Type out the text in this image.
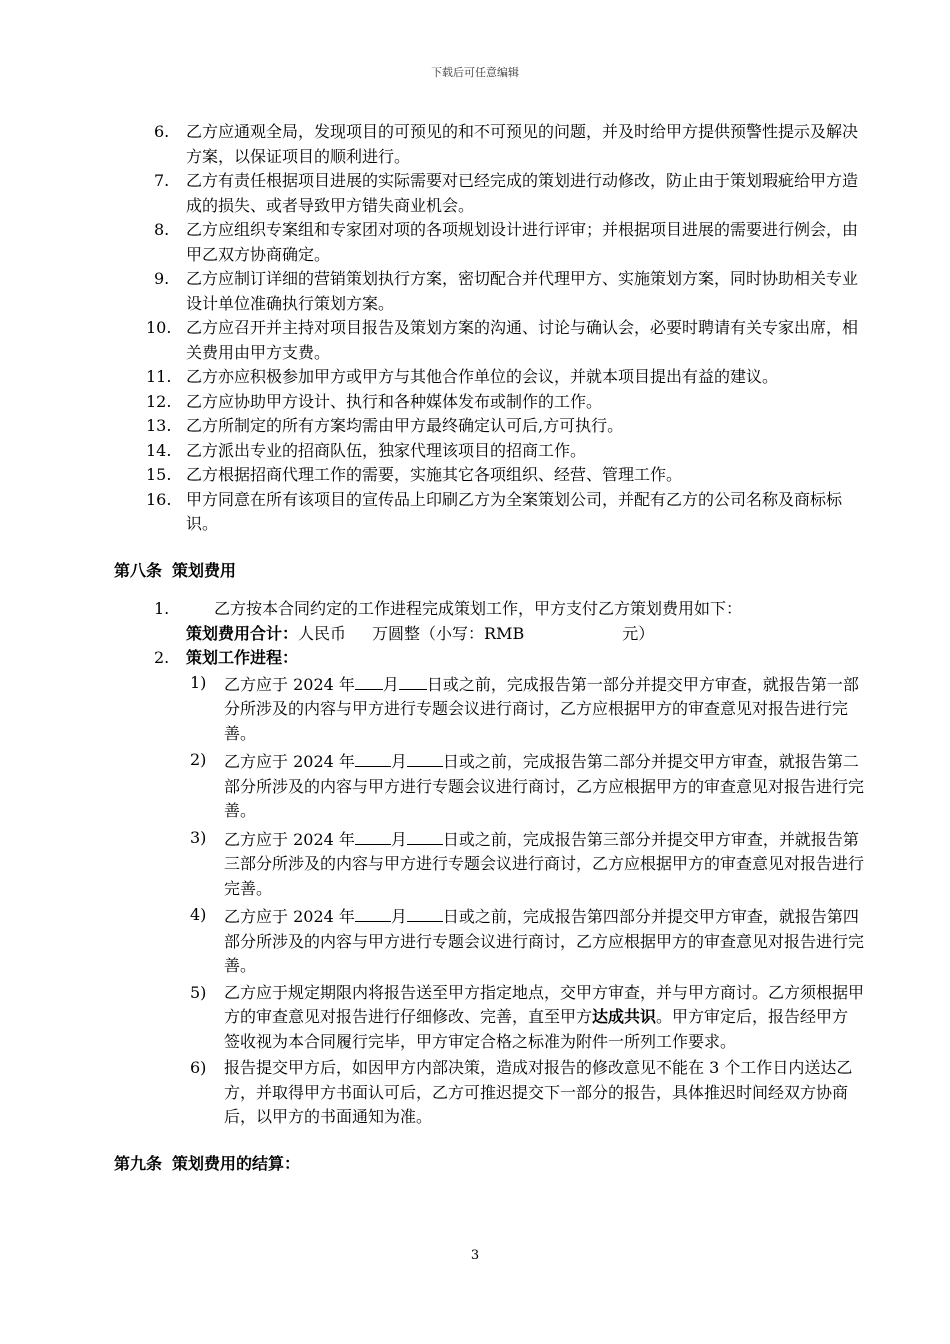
下载后可任意编辑
6. 乙方应通观全局，发现项目的可预见的和不可预见的问题，并及时给甲方提供预警性提示及解决方案，以保证项目的顺利进行。
7. 乙方有责任根据项目进展的实际需要对已经完成的策划进行动修改，防止由于策划瑕疵给甲方造成的损失、或者导致甲方错失商业机会。
8. 乙方应组织专案组和专家团对项的各项规划设计进行评审；并根据项目进展的需要进行例会，由甲乙双方协商确定。
9. 乙方应制订详细的营销策划执行方案，密切配合并代理甲方、实施策划方案，同时协助相关专业设计单位准确执行策划方案。
10. 乙方应召开并主持对项目报告及策划方案的沟通、讨论与确认会，必要时聘请有关专家出席，相关费用由甲方支费。
11. 乙方亦应积极参加甲方或甲方与其他合作单位的会议，并就本项目提出有益的建议。
12. 乙方应协助甲方设计、执行和各种媒体发布或制作的工作。
13. 乙方所制定的所有方案均需由甲方最终确定认可后,方可执行。
14. 乙方派出专业的招商队伍，独家代理该项目的招商工作。
15. 乙方根据招商代理工作的需要，实施其它各项组织、经营、管理工作。
16. 甲方同意在所有该项目的宣传品上印刷乙方为全案策划公司，并配有乙方的公司名称及商标标识。
第八条 策划费用
1.	乙方按本合同约定的工作进程完成策划工作，甲方支付乙方策划费用如下：
策划费用合计：人民币 万圆整（小写：RMB	元）
2. 策划工作进程：
1) 乙方应于 2024 年 月 日或之前，完成报告第一部分并提交甲方审查，就报告第一部分所涉及的内容与甲方进行专题会议进行商讨，乙方应根据甲方的审查意见对报告进行完善。
2) 乙方应于 2024 年 月 日或之前，完成报告第二部分并提交甲方审查，就报告第二部分所涉及的内容与甲方进行专题会议进行商讨，乙方应根据甲方的审查意见对报告进行完善。
3) 乙方应于 2024 年 月 日或之前，完成报告第三部分并提交甲方审查，并就报告第三部分所涉及的内容与甲方进行专题会议进行商讨，乙方应根据甲方的审查意见对报告进行完善。
4) 乙方应于 2024 年 月 日或之前，完成报告第四部分并提交甲方审查，就报告第四部分所涉及的内容与甲方进行专题会议进行商讨，乙方应根据甲方的审查意见对报告进行完善。
5) 乙方应于规定期限内将报告送至甲方指定地点，交甲方审查，并与甲方商讨。乙方须根据甲方的审查意见对报告进行仔细修改、完善，直至甲方达成共识。甲方审定后，报告经甲方签收视为本合同履行完毕，甲方审定合格之标准为附件一所列工作要求。
6) 报告提交甲方后，如因甲方内部决策，造成对报告的修改意见不能在 3 个工作日内送达乙方，并取得甲方书面认可后，乙方可推迟提交下一部分的报告，具体推迟时间经双方协商后，以甲方的书面通知为准。
第九条 策划费用的结算：
3
